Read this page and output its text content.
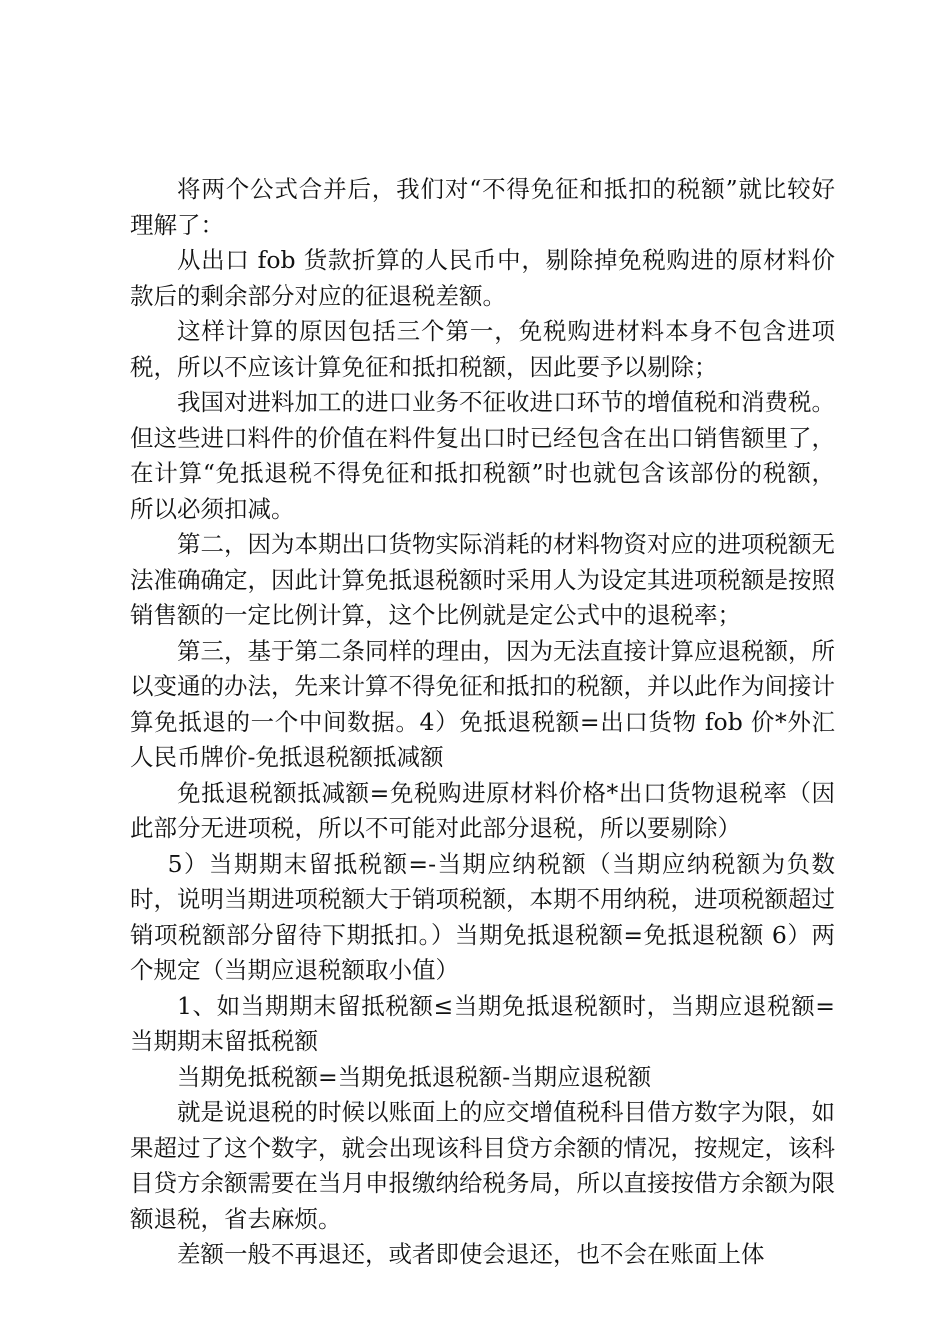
将两个公式合并后，我们对“不得免征和抵扣的税额”就比较好理解了：

从出口 fob 货款折算的人民币中，剔除掉免税购进的原材料价款后的剩余部分对应的征退税差额。

这样计算的原因包括三个第一，免税购进材料本身不包含进项税，所以不应该计算免征和抵扣税额，因此要予以剔除；

我国对进料加工的进口业务不征收进口环节的增值税和消费税。但这些进口料件的价值在料件复出口时已经包含在出口销售额里了，在计算“免抵退税不得免征和抵扣税额”时也就包含该部份的税额，所以必须扣减。

第二，因为本期出口货物实际消耗的材料物资对应的进项税额无法准确确定，因此计算免抵退税额时采用人为设定其进项税额是按照销售额的一定比例计算，这个比例就是定公式中的退税率；

第三，基于第二条同样的理由，因为无法直接计算应退税额，所以变通的办法，先来计算不得免征和抵扣的税额，并以此作为间接计算免抵退的一个中间数据。4）免抵退税额=出口货物 fob 价*外汇人民币牌价-免抵退税额抵减额

免抵退税额抵减额=免税购进原材料价格*出口货物退税率（因此部分无进项税，所以不可能对此部分退税，所以要剔除）

5）当期期末留抵税额=-当期应纳税额（当期应纳税额为负数时，说明当期进项税额大于销项税额，本期不用纳税，进项税额超过销项税额部分留待下期抵扣。）当期免抵退税额=免抵退税额 6）两个规定（当期应退税额取小值）

1、如当期期末留抵税额≤当期免抵退税额时，当期应退税额=当期期末留抵税额

当期免抵税额=当期免抵退税额-当期应退税额

就是说退税的时候以账面上的应交增值税科目借方数字为限，如果超过了这个数字，就会出现该科目贷方余额的情况，按规定，该科目贷方余额需要在当月申报缴纳给税务局，所以直接按借方余额为限额退税，省去麻烦。

差额一般不再退还，或者即使会退还，也不会在账面上体
